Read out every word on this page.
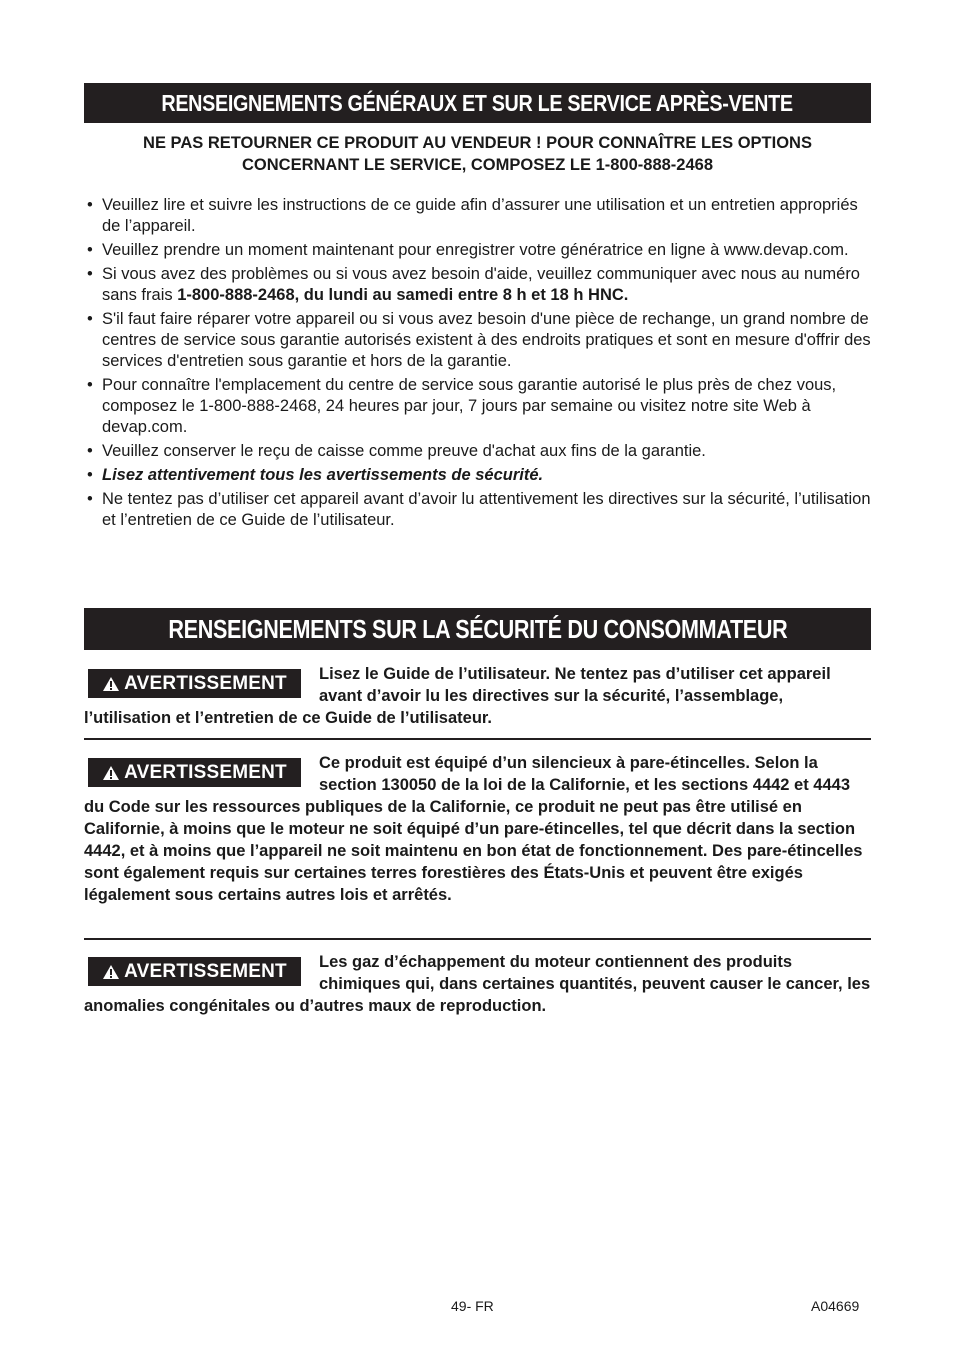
RENSEIGNEMENTS GÉNÉRAUX ET SUR LE SERVICE APRÈS-VENTE
NE PAS RETOURNER CE PRODUIT AU VENDEUR ! POUR CONNAÎTRE LES OPTIONS
CONCERNANT LE SERVICE, COMPOSEZ LE 1-800-888-2468
• Veuillez lire et suivre les instructions de ce guide afin d’assurer une utilisation et un entretien appropriés de l’appareil.
• Veuillez prendre un moment maintenant pour enregistrer votre génératrice en ligne à www.devap.com.
• Si vous avez des problèmes ou si vous avez besoin d'aide, veuillez communiquer avec nous au numéro sans frais 1-800-888-2468, du lundi au samedi entre 8 h et 18 h HNC.
• S'il faut faire réparer votre appareil ou si vous avez besoin d'une pièce de rechange, un grand nombre de centres de service sous garantie autorisés existent à des endroits pratiques et sont en mesure d'offrir des services d'entretien sous garantie et hors de la garantie.
• Pour connaître l'emplacement du centre de service sous garantie autorisé le plus près de chez vous, composez le 1-800-888-2468, 24 heures par jour, 7 jours par semaine ou visitez notre site Web à devap.com.
• Veuillez conserver le reçu de caisse comme preuve d'achat aux fins de la garantie.
• Lisez attentivement tous les avertissements de sécurité.
• Ne tentez pas d’utiliser cet appareil avant d’avoir lu attentivement les directives sur la sécurité, l’utilisation et l’entretien de ce Guide de l’utilisateur.
RENSEIGNEMENTS SUR LA SÉCURITÉ DU CONSOMMATEUR
AVERTISSEMENT Lisez le Guide de l’utilisateur. Ne tentez pas d’utiliser cet appareil avant d’avoir lu les directives sur la sécurité, l’assemblage, l’utilisation et l’entretien de ce Guide de l’utilisateur.
AVERTISSEMENT Ce produit est équipé d’un silencieux à pare-étincelles. Selon la section 130050 de la loi de la Californie, et les sections 4442 et 4443 du Code sur les ressources publiques de la Californie, ce produit ne peut pas être utilisé en Californie, à moins que le moteur ne soit équipé d’un pare-étincelles, tel que décrit dans la section 4442, et à moins que l’appareil ne soit maintenu en bon état de fonctionnement. Des pare-étincelles sont également requis sur certaines terres forestières des États-Unis et peuvent être exigés légalement sous certains autres lois et arrêtés.
AVERTISSEMENT Les gaz d’échappement du moteur contiennent des produits chimiques qui, dans certaines quantités, peuvent causer le cancer, les anomalies congénitales ou d’autres maux de reproduction.
49- FR	A04669
